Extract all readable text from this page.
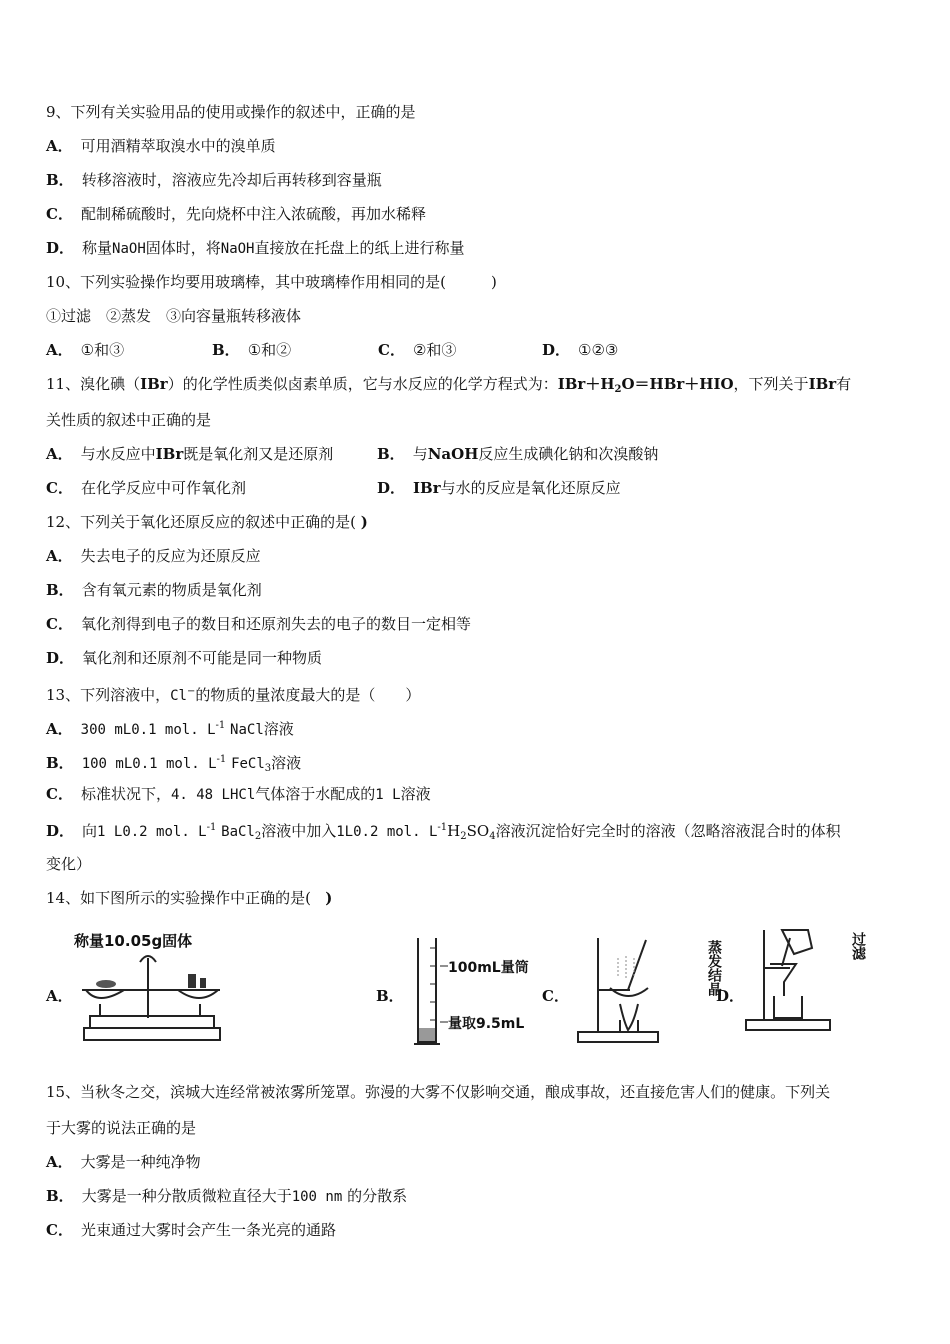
9、下列有关实验用品的使用或操作的叙述中，正确的是
A． 可用酒精萃取溴水中的溴单质
B． 转移溶液时，溶液应先冷却后再转移到容量瓶
C． 配制稀硫酸时，先向烧杯中注入浓硫酸，再加水稀释
D． 称量NaOH固体时，将NaOH直接放在托盘上的纸上进行称量
10、下列实验操作均要用玻璃棒，其中玻璃棒作用相同的是(　　　)
①过滤　②蒸发　③向容量瓶转移液体
A． ①和③	B． ①和②	C． ②和③	D． ①②③
11、溴化碘（IBr）的化学性质类似卤素单质，它与水反应的化学方程式为：$IBr+H_2O=HBr+HIO$，下列关于IBr有
关性质的叙述中正确的是
A． 与水反应中IBr既是氧化剂又是还原剂	B． 与NaOH反应生成碘化钠和次溴酸钠
C． 在化学反应中可作氧化剂	D． IBr与水的反应是氧化还原反应
12、下列关于氧化还原反应的叙述中正确的是( )
A． 失去电子的反应为还原反应
B． 含有氧元素的物质是氧化剂
C． 氧化剂得到电子的数目和还原剂失去的电子的数目一定相等
D． 氧化剂和还原剂不可能是同一种物质
13、下列溶液中，Cl−的物质的量浓度最大的是（　　）
A． 300 mL0.1 mol. $L^{-1}$ NaCl溶液
B． 100 mL0.1 mol. $L^{-1}$ FeCl$_3$溶液
C． 标准状况下，4. 48 LHCl气体溶于水配成的1 L溶液
D． 向1 L0.2 mol. $L^{-1}$ BaCl$_2$溶液中加入1L0.2 mol. $L^{-1}H_2SO_4$溶液沉淀恰好完全时的溶液（忽略溶液混合时的体积
变化）
14、如下图所示的实验操作中正确的是( )
A．
称量10.05g固体
B．
100mL量筒
量取9.5mL
C．
蒸发结晶
D．
过滤
15、当秋冬之交，滨城大连经常被浓雾所笼罩。弥漫的大雾不仅影响交通，酿成事故，还直接危害人们的健康。下列关
于大雾的说法正确的是
A． 大雾是一种纯净物
B． 大雾是一种分散质微粒直径大于100 nm 的分散系
C． 光束通过大雾时会产生一条光亮的通路
